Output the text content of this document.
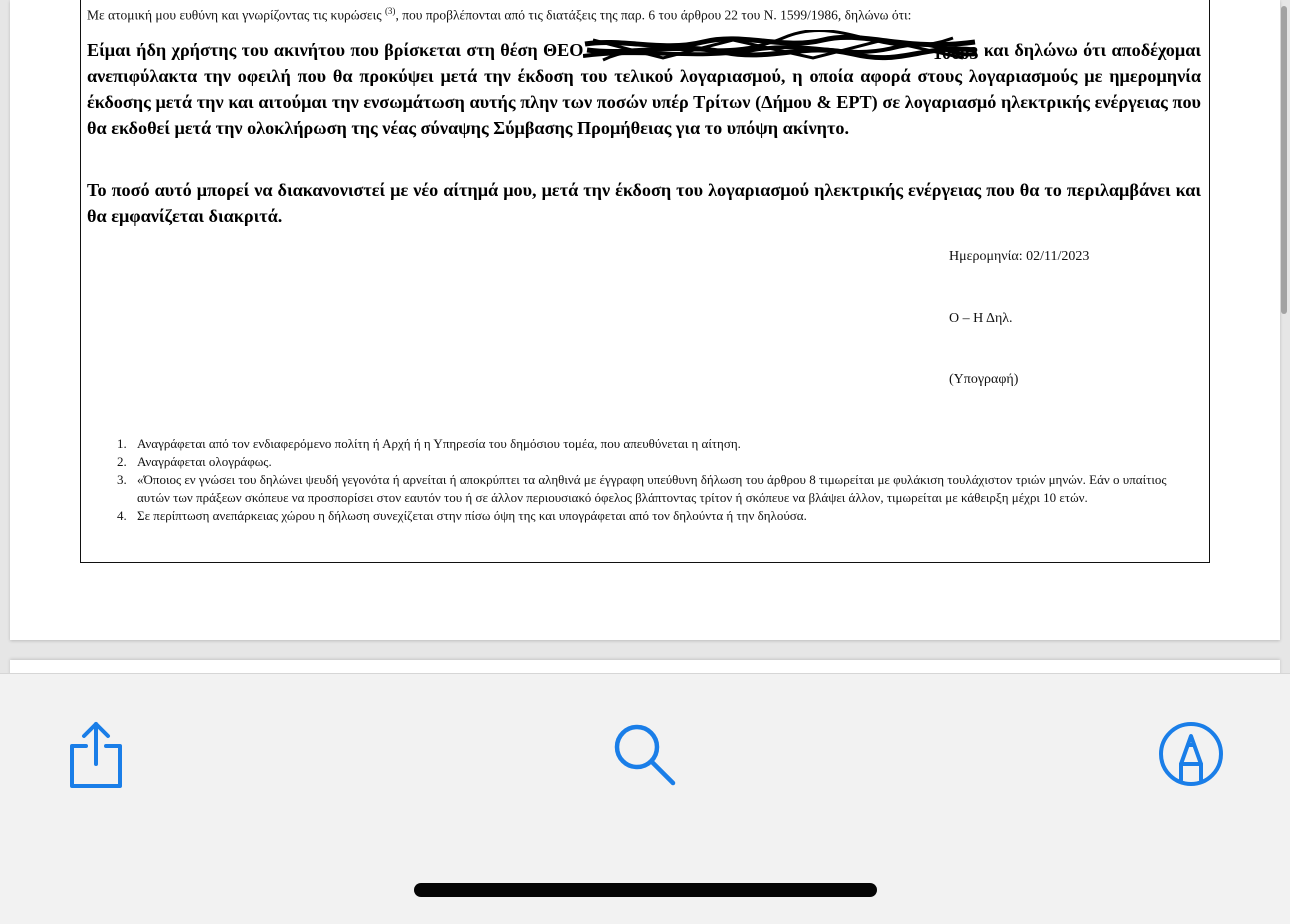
Με ατομική μου ευθύνη και γνωρίζοντας τις κυρώσεις $^{(3)}$, που προβλέπονται από τις διατάξεις της παρ. 6 του άρθρου 22 του Ν. 1599/1986, δηλώνω ότι:
Είμαι ήδη χρήστης του ακινήτου που βρίσκεται στη θέση ΘΕΟ	10603 και δηλώνω ότι αποδέχομαι ανεπιφύλακτα την οφειλή που θα προκύψει μετά την έκδοση του τελικού λογαριασμού, η οποία αφορά στους λογαριασμούς με ημερομηνία έκδοσης μετά την και αιτούμαι την ενσωμάτωση αυτής πλην των ποσών υπέρ Τρίτων (Δήμου & ΕΡΤ) σε λογαριασμό ηλεκτρικής ενέργειας που θα εκδοθεί μετά την ολοκλήρωση της νέας σύναψης Σύμβασης Προμήθειας για το υπόψη ακίνητο.
Το ποσό αυτό μπορεί να διακανονιστεί με νέο αίτημά μου, μετά την έκδοση του λογαριασμού ηλεκτρικής ενέργειας που θα το περιλαμβάνει και θα εμφανίζεται διακριτά.
Ημερομηνία: 02/11/2023
Ο – Η Δηλ.
(Υπογραφή)
1. Αναγράφεται από τον ενδιαφερόμενο πολίτη ή Αρχή ή η Υπηρεσία του δημόσιου τομέα, που απευθύνεται η αίτηση.
2. Αναγράφεται ολογράφως.
3. «Όποιος εν γνώσει του δηλώνει ψευδή γεγονότα ή αρνείται ή αποκρύπτει τα αληθινά με έγγραφη υπεύθυνη δήλωση του άρθρου 8 τιμωρείται με φυλάκιση τουλάχιστον τριών μηνών. Εάν ο υπαίτιος αυτών των πράξεων σκόπευε να προσπορίσει στον εαυτόν του ή σε άλλον περιουσιακό όφελος βλάπτοντας τρίτον ή σκόπευε να βλάψει άλλον, τιμωρείται με κάθειρξη μέχρι 10 ετών.
4. Σε περίπτωση ανεπάρκειας χώρου η δήλωση συνεχίζεται στην πίσω όψη της και υπογράφεται από τον δηλούντα ή την δηλούσα.
